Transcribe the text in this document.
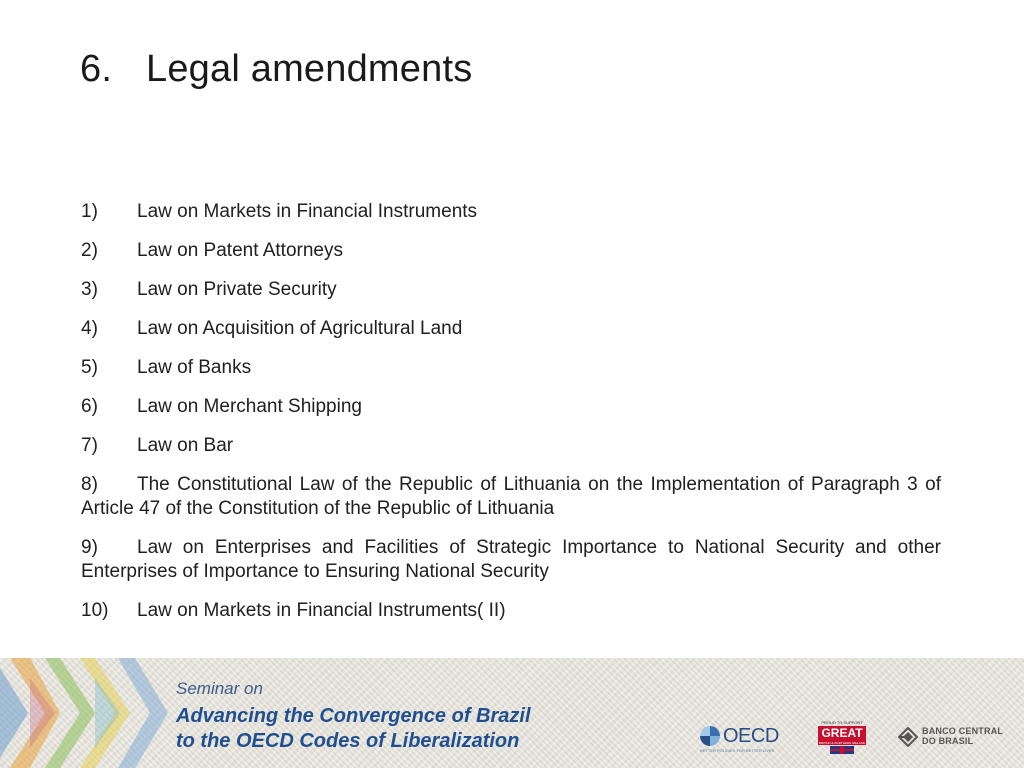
6. Legal amendments
1) Law on Markets in Financial Instruments
2) Law on Patent Attorneys
3) Law on Private Security
4) Law on Acquisition of Agricultural Land
5) Law of Banks
6) Law on Merchant Shipping
7) Law on Bar
8) The Constitutional Law of the Republic of Lithuania on the Implementation of Paragraph 3 of Article 47 of the Constitution of the Republic of Lithuania
9) Law on Enterprises and Facilities of Strategic Importance to National Security and other Enterprises of Importance to Ensuring National Security
10) Law on Markets in Financial Instruments( II)
Seminar on
Advancing the Convergence of Brazil
to the OECD Codes of Liberalization	OECD
BETTER POLICIES FOR BETTER LIVES
PROUD TO SUPPORT
GREAT
BRITAIN & NORTHERN IRELAND
BANCO CENTRAL
DO BRASIL
